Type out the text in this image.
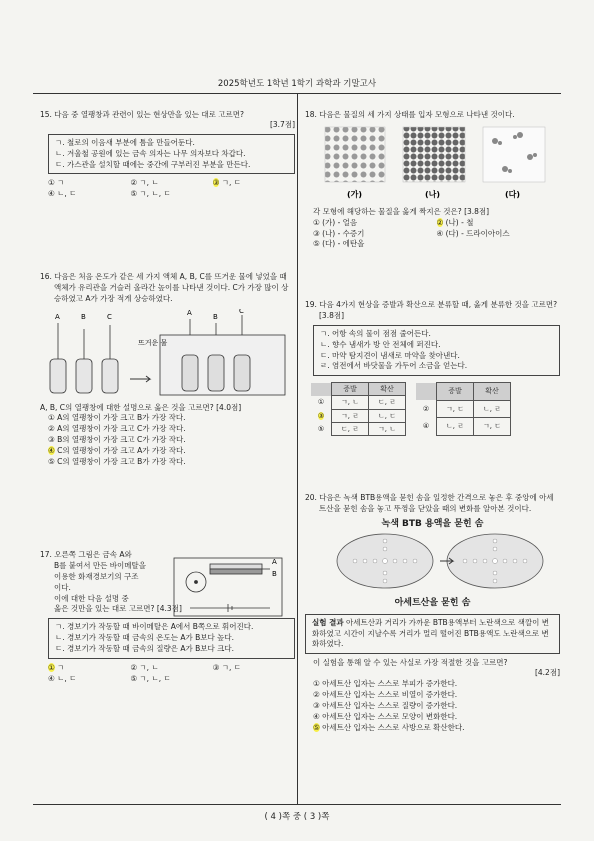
2025학년도 1학년 1학기 과학과 기말고사
15. 다음 중 열팽창과 관련이 있는 현상만을 있는 대로 고르면?
[3.7점]
ㄱ. 철로의 이음새 부분에 틈을 만들어둔다.
ㄴ. 겨울철 공원에 있는 금속 의자는 나무 의자보다 차갑다.
ㄷ. 가스관을 설치할 때에는 중간에 구부러진 부분을 만든다.
① ㄱ	② ㄱ, ㄴ	③ ㄱ, ㄷ
④ ㄴ, ㄷ	⑤ ㄱ, ㄴ, ㄷ
16. 다음은 처음 온도가 같은 세 가지 액체 A, B, C를 뜨거운 물에 넣었을 때 액체가 유리관을 거슬러 올라간 높이를 나타낸 것이다. C가 가장 많이 상승하였고 A가 가장 적게 상승하였다.
A	B	C	A	B
C
뜨거운 물
A, B, C의 열팽창에 대한 설명으로 옳은 것을 고르면? [4.0점]
① A의 열팽창이 가장 크고 B가 가장 작다.
② A의 열팽창이 가장 크고 C가 가장 작다.
③ B의 열팽창이 가장 크고 C가 가장 작다.
④ C의 열팽창이 가장 크고 A가 가장 작다.
⑤ C의 열팽창이 가장 크고 B가 가장 작다.
17. 오른쪽 그림은 금속 A와
B를 붙여서 만든 바이메탈을
이용한 화재경보기의 구조
이다.
이에 대한 다음 설명 중
옳은 것만을 있는 대로 고르면? [4.3점]
A
B
ㄱ. 경보기가 작동할 때 바이메탈은 A에서 B쪽으로 휘어진다.
ㄴ. 경보기가 작동할 때 금속의 온도는 A가 B보다 높다.
ㄷ. 경보기가 작동할 때 금속의 질량은 A가 B보다 크다.
① ㄱ	② ㄱ, ㄴ	③ ㄱ, ㄷ
④ ㄴ, ㄷ	⑤ ㄱ, ㄴ, ㄷ
18. 다음은 물질의 세 가지 상태를 입자 모형으로 나타낸 것이다.
(가)	(나)	(다)
각 모형에 해당하는 물질을 옳게 짝지은 것은? [3.8점]
① (가) - 얼음	② (나) - 철
③ (나) - 수증기	④ (다) - 드라이아이스
⑤ (다) - 에탄올
19. 다음 4가지 현상을 증발과 확산으로 분류할 때, 옳게 분류한 것을 고르면? [3.8점]
ㄱ. 어항 속의 물이 점점 줄어든다.
ㄴ. 향수 냄새가 방 안 전체에 퍼진다.
ㄷ. 마약 탐지견이 냄새로 마약을 찾아낸다.
ㄹ. 염전에서 바닷물을 가두어 소금을 얻는다.
	증발	확산
①	ㄱ, ㄴ	ㄷ, ㄹ
③	ㄱ, ㄹ	ㄴ, ㄷ
⑤	ㄷ, ㄹ	ㄱ, ㄴ
	증발	확산
②	ㄱ, ㄷ	ㄴ, ㄹ
④	ㄴ, ㄹ	ㄱ, ㄷ
20. 다음은 녹색 BTB용액을 묻힌 솜을 일정한 간격으로 놓은 후 중앙에 아세트산을 묻힌 솜을 놓고 뚜껑을 닫았을 때의 변화를 알아본 것이다.
녹색 BTB 용액을 묻힌 솜
아세트산을 묻힌 솜
실험 결과 아세트산과 거리가 가까운 BTB용액부터 노란색으로 색깔이 변화하였고 시간이 지날수록 거리가 멀리 떨어진 BTB용액도 노란색으로 변화하였다.
이 실험을 통해 알 수 있는 사실로 가장 적절한 것을 고르면?
[4.2점]
① 아세트산 입자는 스스로 부피가 증가한다.
② 아세트산 입자는 스스로 비열이 증가한다.
③ 아세트산 입자는 스스로 질량이 증가한다.
④ 아세트산 입자는 스스로 모양이 변화한다.
⑤ 아세트산 입자는 스스로 사방으로 확산한다.
( 4 )쪽 중 ( 3 )쪽
